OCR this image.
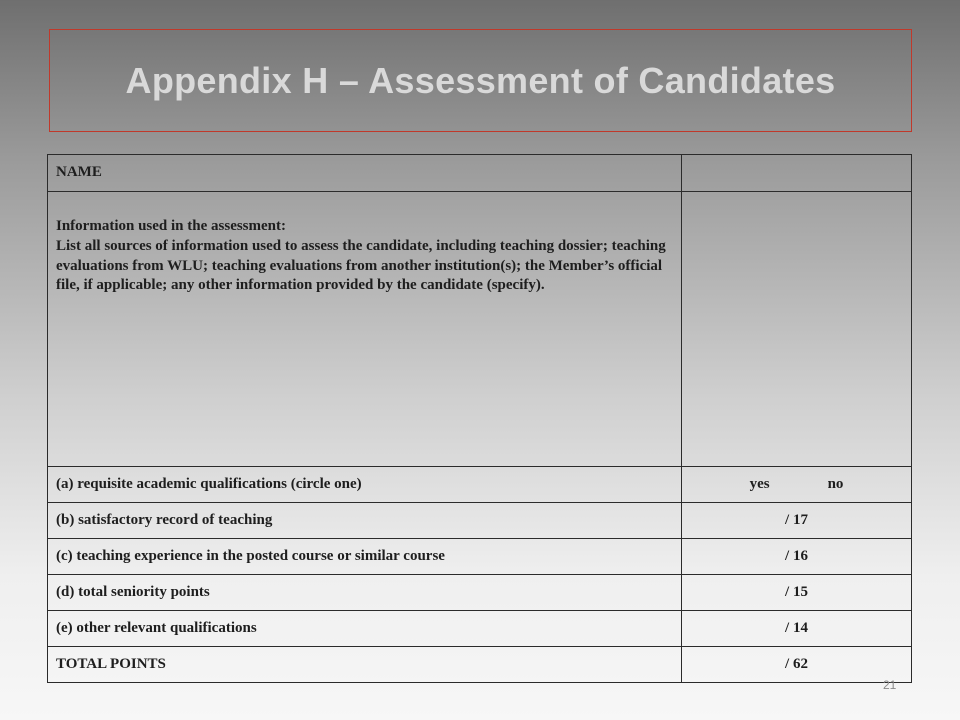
Appendix H – Assessment of Candidates
NAME	

Information used in the assessment:
List all sources of information used to assess the candidate, including teaching dossier; teaching evaluations from WLU; teaching evaluations from another institution(s); the Member’s official file, if applicable; any other information provided by the candidate (specify).	

(a) requisite academic qualifications (circle one)	yes no
(b) satisfactory record of teaching	/ 17
(c) teaching experience in the posted course or similar course	/ 16
(d) total seniority points	/ 15
(e) other relevant qualifications	/ 14
TOTAL POINTS	/ 62
21
